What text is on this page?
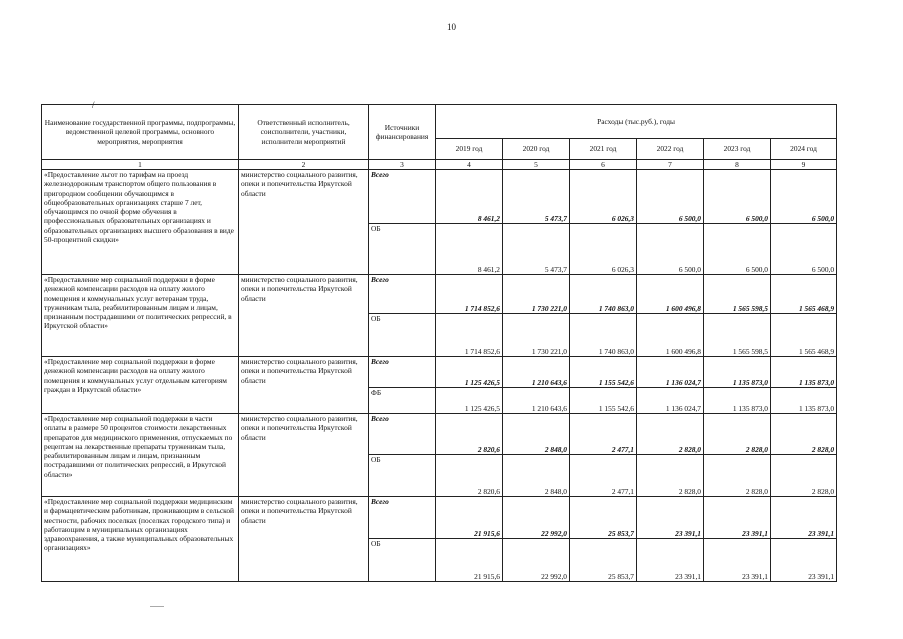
10
/
Наименование государственной программы, подпрограммы, ведомственной целевой программы, основного мероприятия, мероприятия	Ответственный исполнитель, соисполнители, участники, исполнители мероприятий	Источники финансирования	Расходы (тыс.руб.), годы					
			2019 год	2020 год	2021 год	2022 год	2023 год	2024 год
1	2	3	4	5	6	7	8	9
«Предоставление льгот по тарифам на проезд железнодорожным транспортом общего пользования в пригородном сообщении обучающимся в общеобразовательных организациях старше 7 лет, обучающимся по очной форме обучения в профессиональных образовательных организациях и образовательных организациях высшего образования в виде 50-процентной скидки»	министерство социального развития, опеки и попечительства Иркутской области	Всего	8 461,2	5 473,7	6 026,3	6 500,0	6 500,0	6 500,0
		ОБ	8 461,2	5 473,7	6 026,3	6 500,0	6 500,0	6 500,0
«Предоставление мер социальной поддержки в форме денежной компенсации расходов на оплату жилого помещения и коммунальных услуг ветеранам труда, труженикам тыла, реабилитированным лицам и лицам, признанным пострадавшими от политических репрессий, в Иркутской области»	министерство социального развития, опеки и попечительства Иркутской области	Всего	1 714 852,6	1 730 221,0	1 740 863,0	1 600 496,8	1 565 598,5	1 565 468,9
		ОБ	1 714 852,6	1 730 221,0	1 740 863,0	1 600 496,8	1 565 598,5	1 565 468,9
«Предоставление мер социальной поддержки в форме денежной компенсации расходов на оплату жилого помещения и коммунальных услуг отдельным категориям граждан в Иркутской области»	министерство социального развития, опеки и попечительства Иркутской области	Всего	1 125 426,5	1 210 643,6	1 155 542,6	1 136 024,7	1 135 873,0	1 135 873,0
		ФБ	1 125 426,5	1 210 643,6	1 155 542,6	1 136 024,7	1 135 873,0	1 135 873,0
«Предоставление мер социальной поддержки в части оплаты в размере 50 процентов стоимости лекарственных препаратов для медицинского применения, отпускаемых по рецептам на лекарственные препараты труженикам тыла, реабилитированным лицам и лицам, признанным пострадавшими от политических репрессий, в Иркутской области»	министерство социального развития, опеки и попечительства Иркутской области	Всего	2 820,6	2 848,0	2 477,1	2 828,0	2 828,0	2 828,0
		ОБ	2 820,6	2 848,0	2 477,1	2 828,0	2 828,0	2 828,0
«Предоставление мер социальной поддержки медицинским и фармацевтическим работникам, проживающим в сельской местности, рабочих поселках (поселках городского типа) и работающим в муниципальных организациях здравоохранения, а также муниципальных образовательных организациях»	министерство социального развития, опеки и попечительства Иркутской области	Всего	21 915,6	22 992,0	25 853,7	23 391,1	23 391,1	23 391,1
		ОБ	21 915,6	22 992,0	25 853,7	23 391,1	23 391,1	23 391,1
